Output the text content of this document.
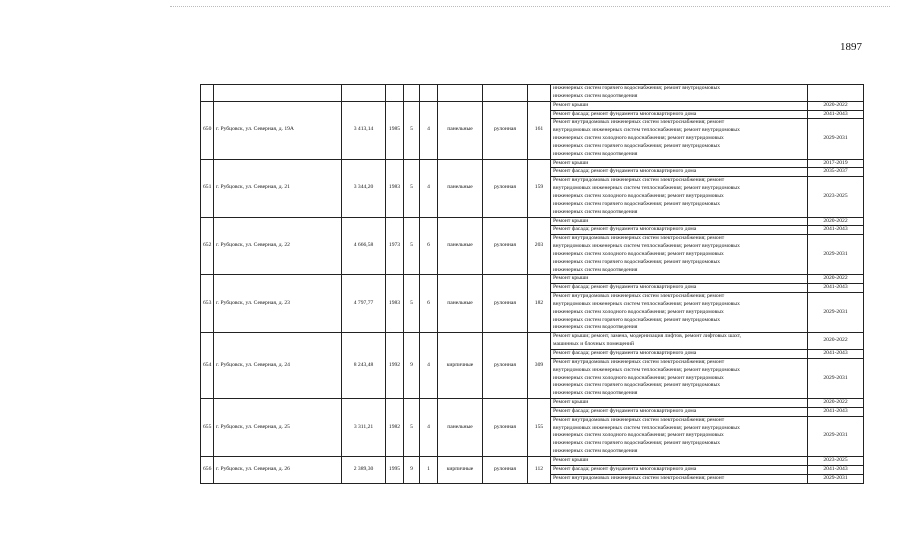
1897
									инженерных систем горячего водоснабжения; ремонт внутридомовых
инженерных систем водоотведения	
650	г. Рубцовск, ул. Северная, д. 19А	3 413,14	1985	5	4	панельные	рулонная	161	Ремонт крыши	2020-2022
									Ремонт фасада; ремонт фундамента многоквартирного дома	2041-2043
									Ремонт внутридомовых инженерных систем электроснабжения; ремонт
внутридомовых инженерных систем теплоснабжения; ремонт внутридомовых
инженерных систем холодного водоснабжения; ремонт внутридомовых
инженерных систем горячего водоснабжения; ремонт внутридомовых
инженерных систем водоотведения	2029-2031
651	г. Рубцовск, ул. Северная, д. 21	3 344,20	1983	5	4	панельные	рулонная	159	Ремонт крыши	2017-2019
									Ремонт фасада; ремонт фундамента многоквартирного дома	2035-2037
									Ремонт внутридомовых инженерных систем электроснабжения; ремонт
внутридомовых инженерных систем теплоснабжения; ремонт внутридомовых
инженерных систем холодного водоснабжения; ремонт внутридомовых
инженерных систем горячего водоснабжения; ремонт внутридомовых
инженерных систем водоотведения	2023-2025
652	г. Рубцовск, ул. Северная, д. 22	4 666,58	1973	5	6	панельные	рулонная	203	Ремонт крыши	2020-2022
									Ремонт фасада; ремонт фундамента многоквартирного дома	2041-2043
									Ремонт внутридомовых инженерных систем электроснабжения; ремонт
внутридомовых инженерных систем теплоснабжения; ремонт внутридомовых
инженерных систем холодного водоснабжения; ремонт внутридомовых
инженерных систем горячего водоснабжения; ремонт внутридомовых
инженерных систем водоотведения	2029-2031
653	г. Рубцовск, ул. Северная, д. 23	4 797,77	1983	5	6	панельные	рулонная	182	Ремонт крыши	2020-2022
									Ремонт фасада; ремонт фундамента многоквартирного дома	2041-2043
									Ремонт внутридомовых инженерных систем электроснабжения; ремонт
внутридомовых инженерных систем теплоснабжения; ремонт внутридомовых
инженерных систем холодного водоснабжения; ремонт внутридомовых
инженерных систем горячего водоснабжения; ремонт внутридомовых
инженерных систем водоотведения	2029-2031
654	г. Рубцовск, ул. Северная, д. 24	8 243,48	1992	9	4	кирпичные	рулонная	309	Ремонт крыши; ремонт, замена, модернизация лифтов, ремонт лифтовых шахт,
машинных и блочных помещений	2020-2022
									Ремонт фасада; ремонт фундамента многоквартирного дома	2041-2043
									Ремонт внутридомовых инженерных систем электроснабжения; ремонт
внутридомовых инженерных систем теплоснабжения; ремонт внутридомовых
инженерных систем холодного водоснабжения; ремонт внутридомовых
инженерных систем горячего водоснабжения; ремонт внутридомовых
инженерных систем водоотведения	2029-2031
655	г. Рубцовск, ул. Северная, д. 25	3 311,21	1982	5	4	панельные	рулонная	155	Ремонт крыши	2020-2022
									Ремонт фасада; ремонт фундамента многоквартирного дома	2041-2043
									Ремонт внутридомовых инженерных систем электроснабжения; ремонт
внутридомовых инженерных систем теплоснабжения; ремонт внутридомовых
инженерных систем холодного водоснабжения; ремонт внутридомовых
инженерных систем горячего водоснабжения; ремонт внутридомовых
инженерных систем водоотведения	2029-2031
656	г. Рубцовск, ул. Северная, д. 26	2 389,30	1995	9	1	кирпичные	рулонная	112	Ремонт крыши	2023-2025
									Ремонт фасада; ремонт фундамента многоквартирного дома	2041-2043
									Ремонт внутридомовых инженерных систем электроснабжения; ремонт	2029-2031
